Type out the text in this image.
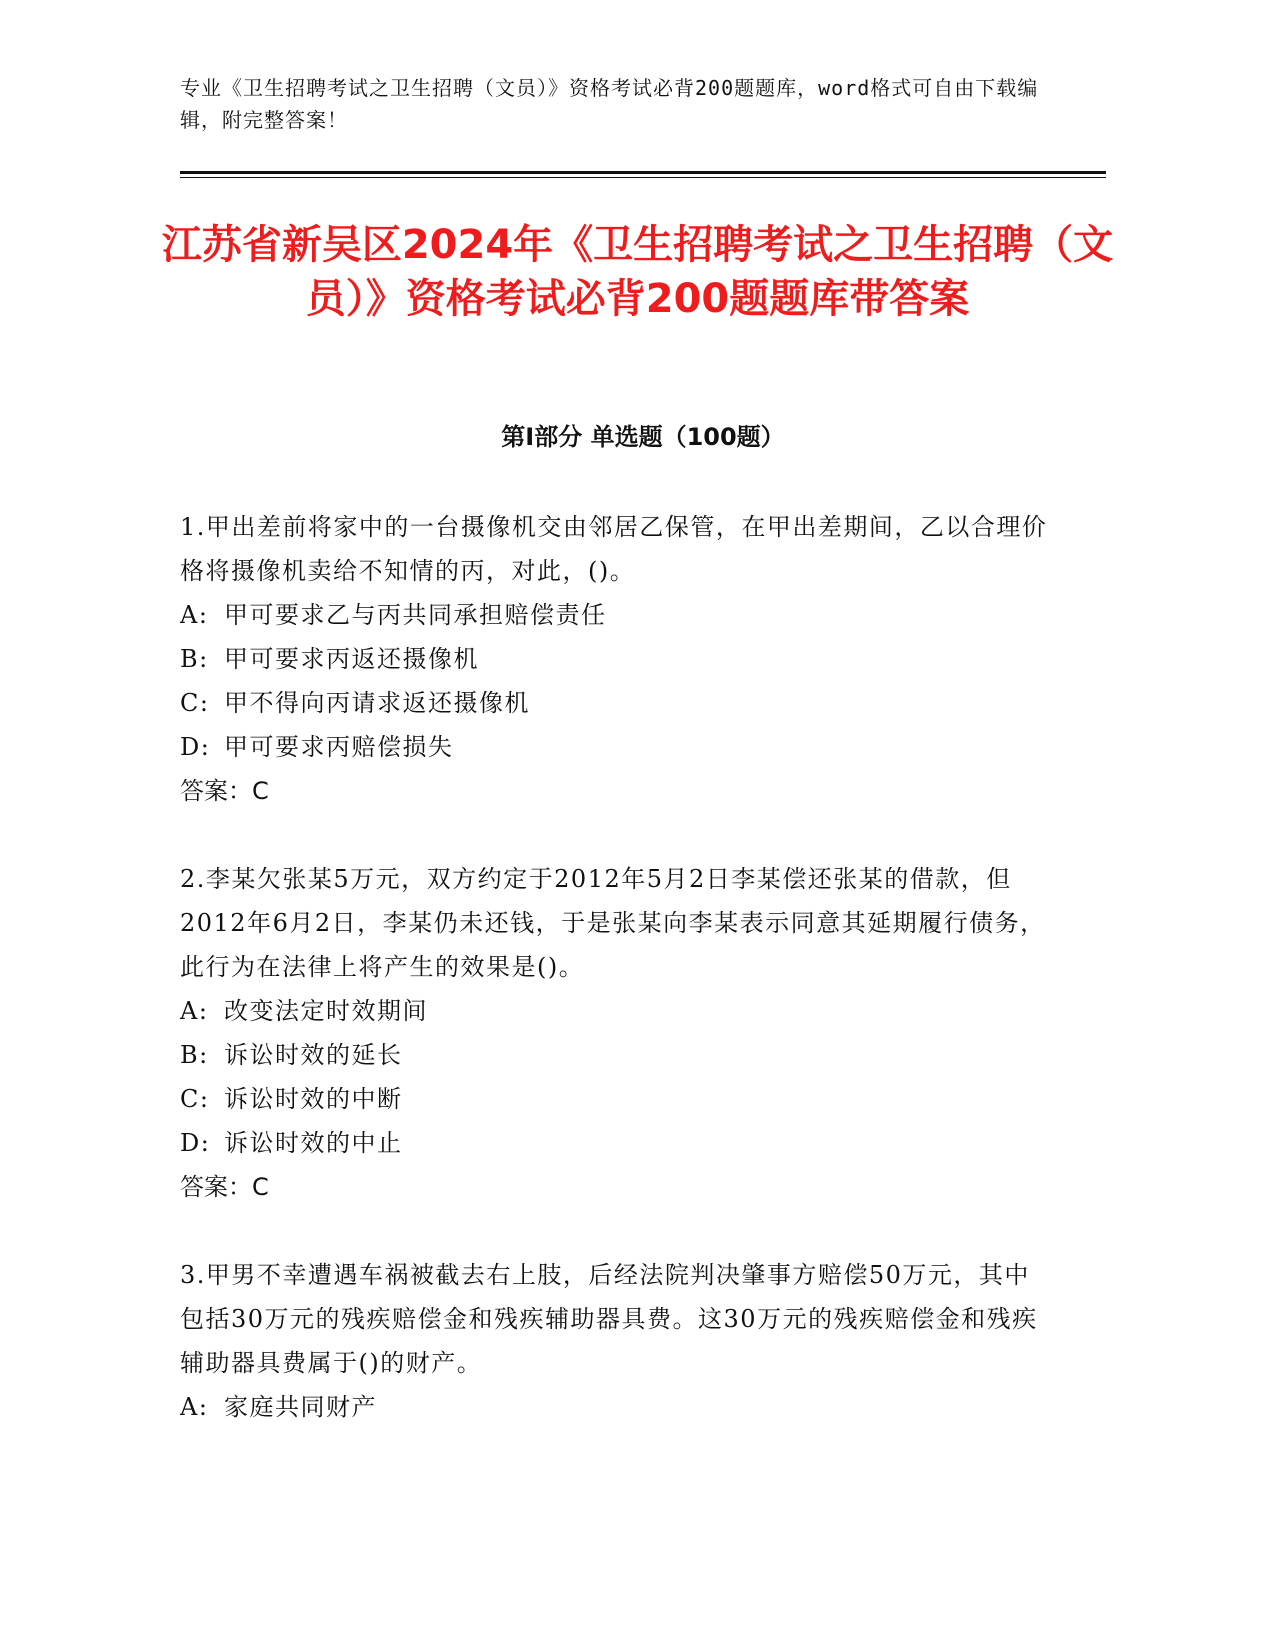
专业《卫生招聘考试之卫生招聘（文员）》资格考试必背200题题库，word格式可自由下载编辑，附完整答案！
江苏省新吴区2024年《卫生招聘考试之卫生招聘（文员）》资格考试必背200题题库带答案
第Ⅰ部分 单选题（100题）

1.甲出差前将家中的一台摄像机交由邻居乙保管，在甲出差期间，乙以合理价格将摄像机卖给不知情的丙，对此，()。

A: 甲可要求乙与丙共同承担赔偿责任

B: 甲可要求丙返还摄像机

C: 甲不得向丙请求返还摄像机

D: 甲可要求丙赔偿损失

答案：C

2.李某欠张某5万元，双方约定于2012年5月2日李某偿还张某的借款，但2012年6月2日，李某仍未还钱，于是张某向李某表示同意其延期履行债务，此行为在法律上将产生的效果是()。

A: 改变法定时效期间

B: 诉讼时效的延长

C: 诉讼时效的中断

D: 诉讼时效的中止

答案：C

3.甲男不幸遭遇车祸被截去右上肢，后经法院判决肇事方赔偿50万元，其中包括30万元的残疾赔偿金和残疾辅助器具费。这30万元的残疾赔偿金和残疾辅助器具费属于()的财产。

A: 家庭共同财产
